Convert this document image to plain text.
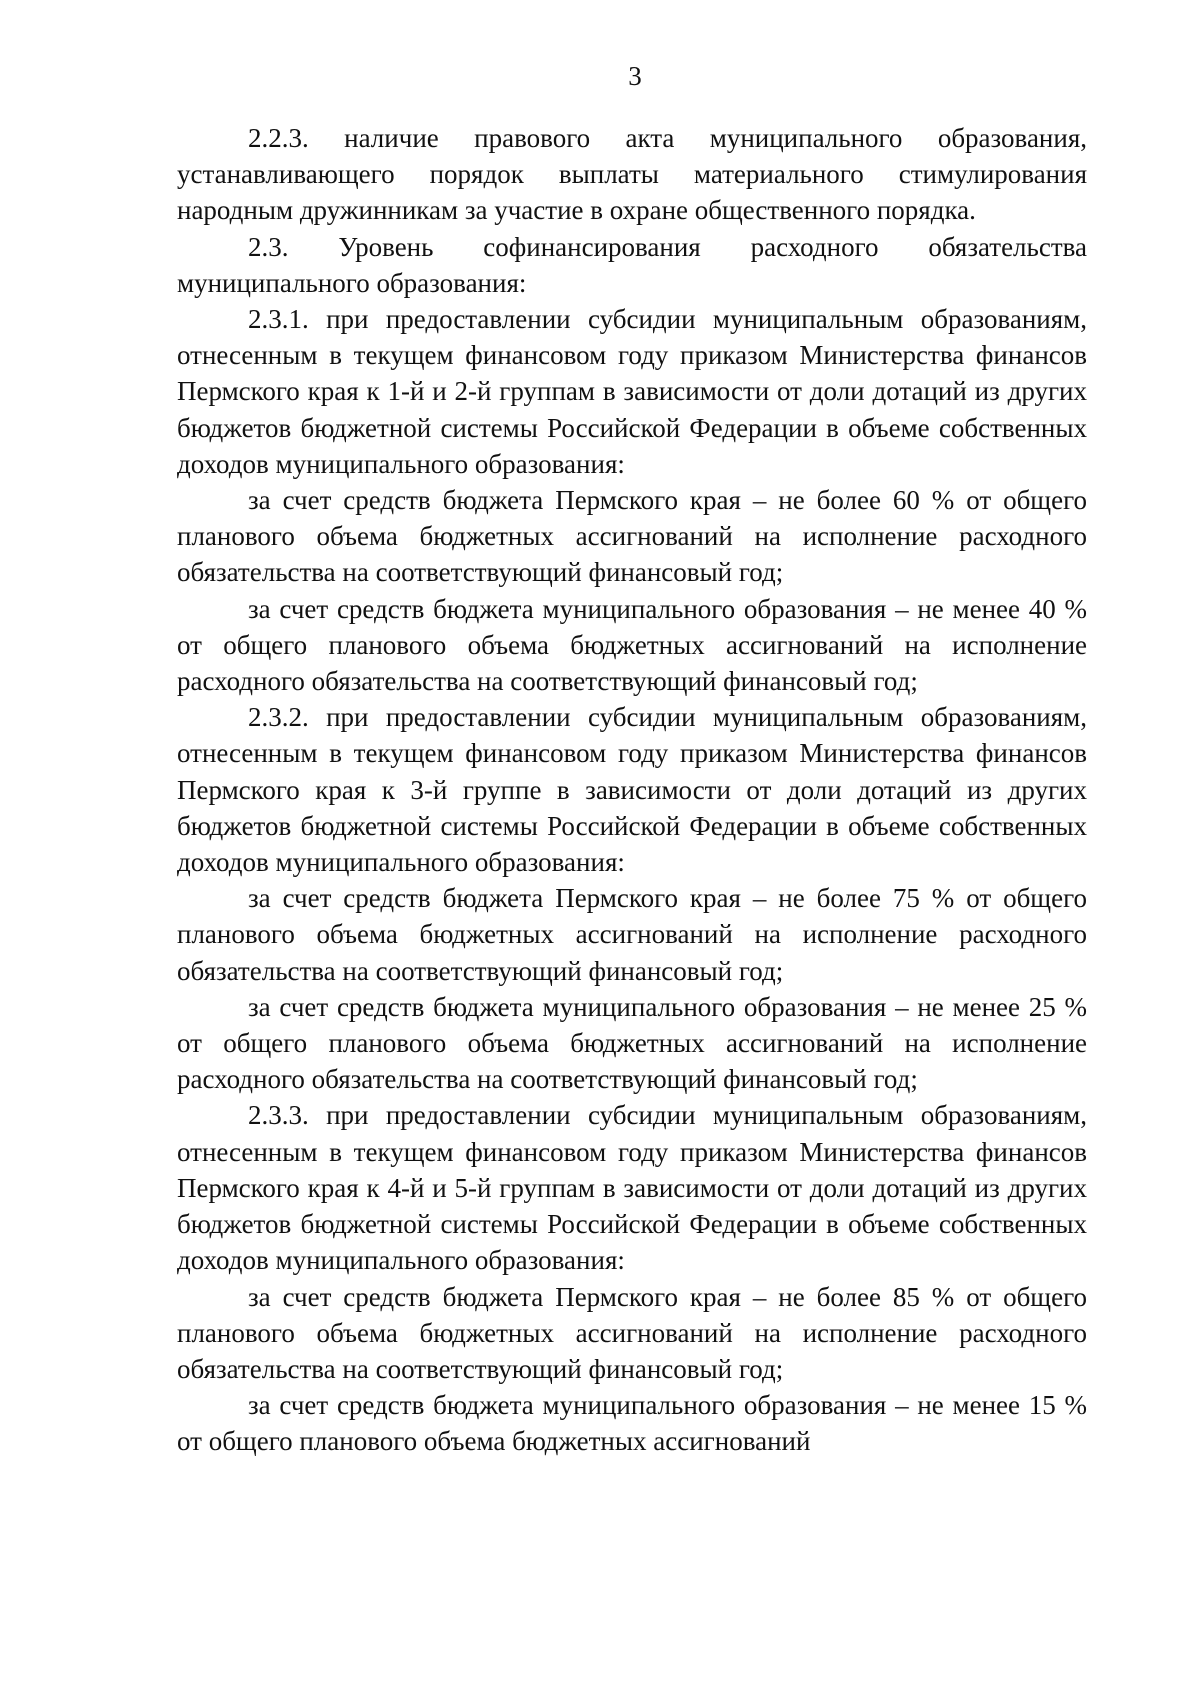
3

2.2.3. наличие правового акта муниципального образования, устанавливающего порядок выплаты материального стимулирования народным дружинникам за участие в охране общественного порядка.

2.3. Уровень софинансирования расходного обязательства муниципального образования:

2.3.1. при предоставлении субсидии муниципальным образованиям, отнесенным в текущем финансовом году приказом Министерства финансов Пермского края к 1-й и 2-й группам в зависимости от доли дотаций из других бюджетов бюджетной системы Российской Федерации в объеме собственных доходов муниципального образования:

за счет средств бюджета Пермского края – не более 60 % от общего планового объема бюджетных ассигнований на исполнение расходного обязательства на соответствующий финансовый год;

за счет средств бюджета муниципального образования – не менее 40 % от общего планового объема бюджетных ассигнований на исполнение расходного обязательства на соответствующий финансовый год;

2.3.2. при предоставлении субсидии муниципальным образованиям, отнесенным в текущем финансовом году приказом Министерства финансов Пермского края к 3-й группе в зависимости от доли дотаций из других бюджетов бюджетной системы Российской Федерации в объеме собственных доходов муниципального образования:

за счет средств бюджета Пермского края – не более 75 % от общего планового объема бюджетных ассигнований на исполнение расходного обязательства на соответствующий финансовый год;

за счет средств бюджета муниципального образования – не менее 25 % от общего планового объема бюджетных ассигнований на исполнение расходного обязательства на соответствующий финансовый год;

2.3.3. при предоставлении субсидии муниципальным образованиям, отнесенным в текущем финансовом году приказом Министерства финансов Пермского края к 4-й и 5-й группам в зависимости от доли дотаций из других бюджетов бюджетной системы Российской Федерации в объеме собственных доходов муниципального образования:

за счет средств бюджета Пермского края – не более 85 % от общего планового объема бюджетных ассигнований на исполнение расходного обязательства на соответствующий финансовый год;

за счет средств бюджета муниципального образования – не менее 15 % от общего планового объема бюджетных ассигнований
